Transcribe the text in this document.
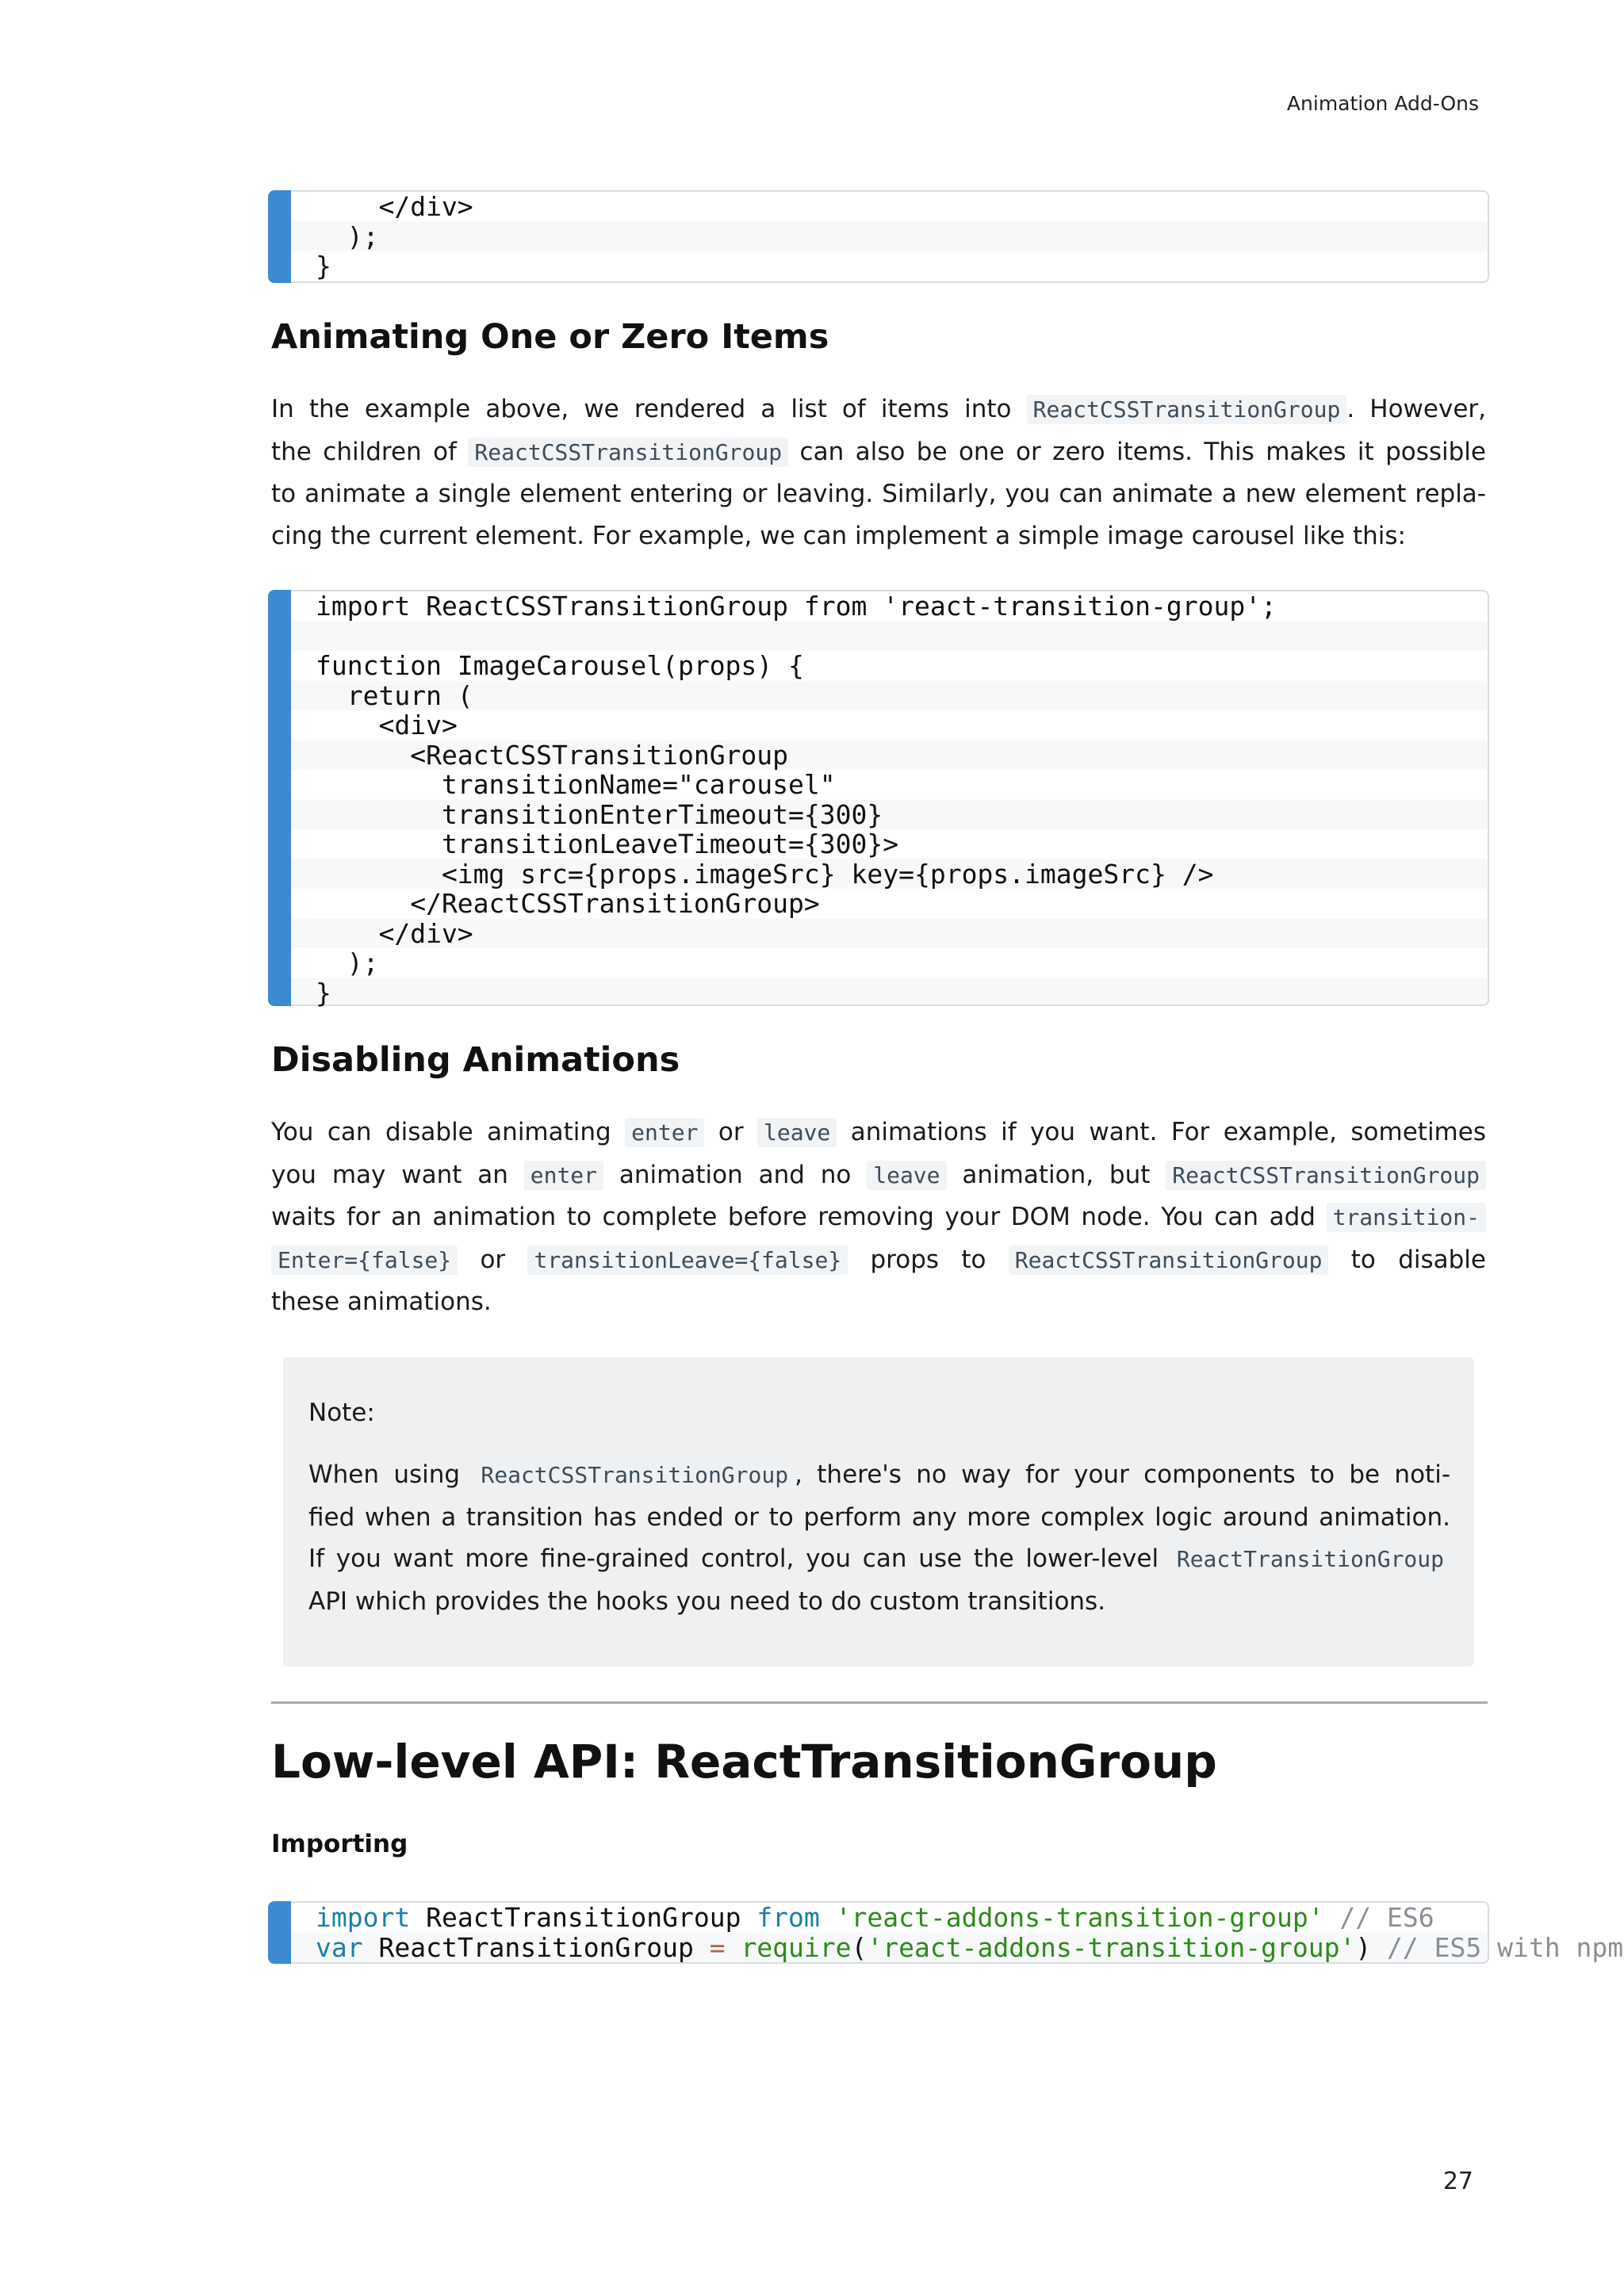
Animation Add-Ons
</div>
);
}
Animating One or Zero Items
In the example above, we rendered a list of items into ReactCSSTransitionGroup . However,
the children of ReactCSSTransitionGroup can also be one or zero items. This makes it possible
to animate a single element entering or leaving. Similarly, you can animate a new element repla-
cing the current element. For example, we can implement a simple image carousel like this:
import ReactCSSTransitionGroup from 'react-transition-group';

function ImageCarousel(props) {
return (
<div>
<ReactCSSTransitionGroup
transitionName="carousel"
transitionEnterTimeout={300}
transitionLeaveTimeout={300}>
<img src={props.imageSrc} key={props.imageSrc} />
</ReactCSSTransitionGroup>
</div>
);
}
Disabling Animations
You can disable animating enter or leave animations if you want. For example, sometimes
you may want an enter animation and no leave animation, but ReactCSSTransitionGroup
waits for an animation to complete before removing your DOM node. You can add transition-
Enter={false} or transitionLeave={false} props to ReactCSSTransitionGroup to disable
these animations.
Note:
When using ReactCSSTransitionGroup , there's no way for your components to be noti-
fied when a transition has ended or to perform any more complex logic around animation.
If you want more fine-grained control, you can use the lower-level ReactTransitionGroup
API which provides the hooks you need to do custom transitions.
Low-level API: ReactTransitionGroup
Importing
import ReactTransitionGroup from 'react-addons-transition-group' // ES6
var ReactTransitionGroup = require('react-addons-transition-group') // ES5 with npm
27
